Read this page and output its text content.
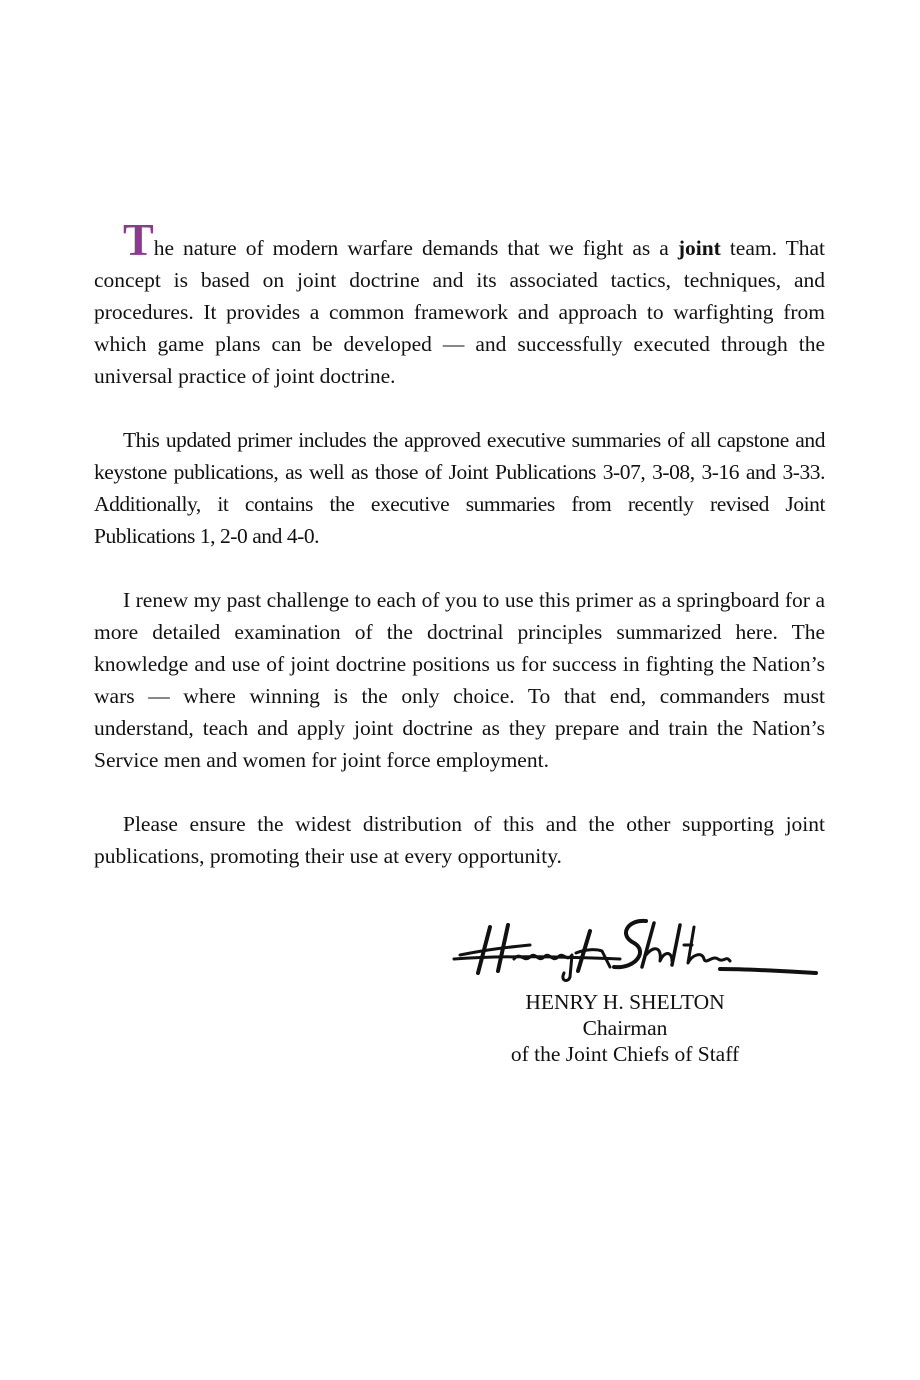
The nature of modern warfare demands that we fight as a joint team. That concept is based on joint doctrine and its associated tactics, techniques, and procedures. It provides a common framework and approach to warfighting from which game plans can be developed — and successfully executed through the universal practice of joint doctrine.

This updated primer includes the approved executive summaries of all capstone and keystone publications, as well as those of Joint Publications 3-07, 3-08, 3-16 and 3-33. Additionally, it contains the executive summaries from recently revised Joint Publications 1, 2-0 and 4-0.

I renew my past challenge to each of you to use this primer as a springboard for a more detailed examination of the doctrinal principles summarized here. The knowledge and use of joint doctrine positions us for success in fighting the Nation’s wars — where winning is the only choice. To that end, commanders must understand, teach and apply joint doctrine as they prepare and train the Nation’s Service men and women for joint force employment.

Please ensure the widest distribution of this and the other supporting joint publications, promoting their use at every opportunity.

HENRY H. SHELTON
Chairman
of the Joint Chiefs of Staff
